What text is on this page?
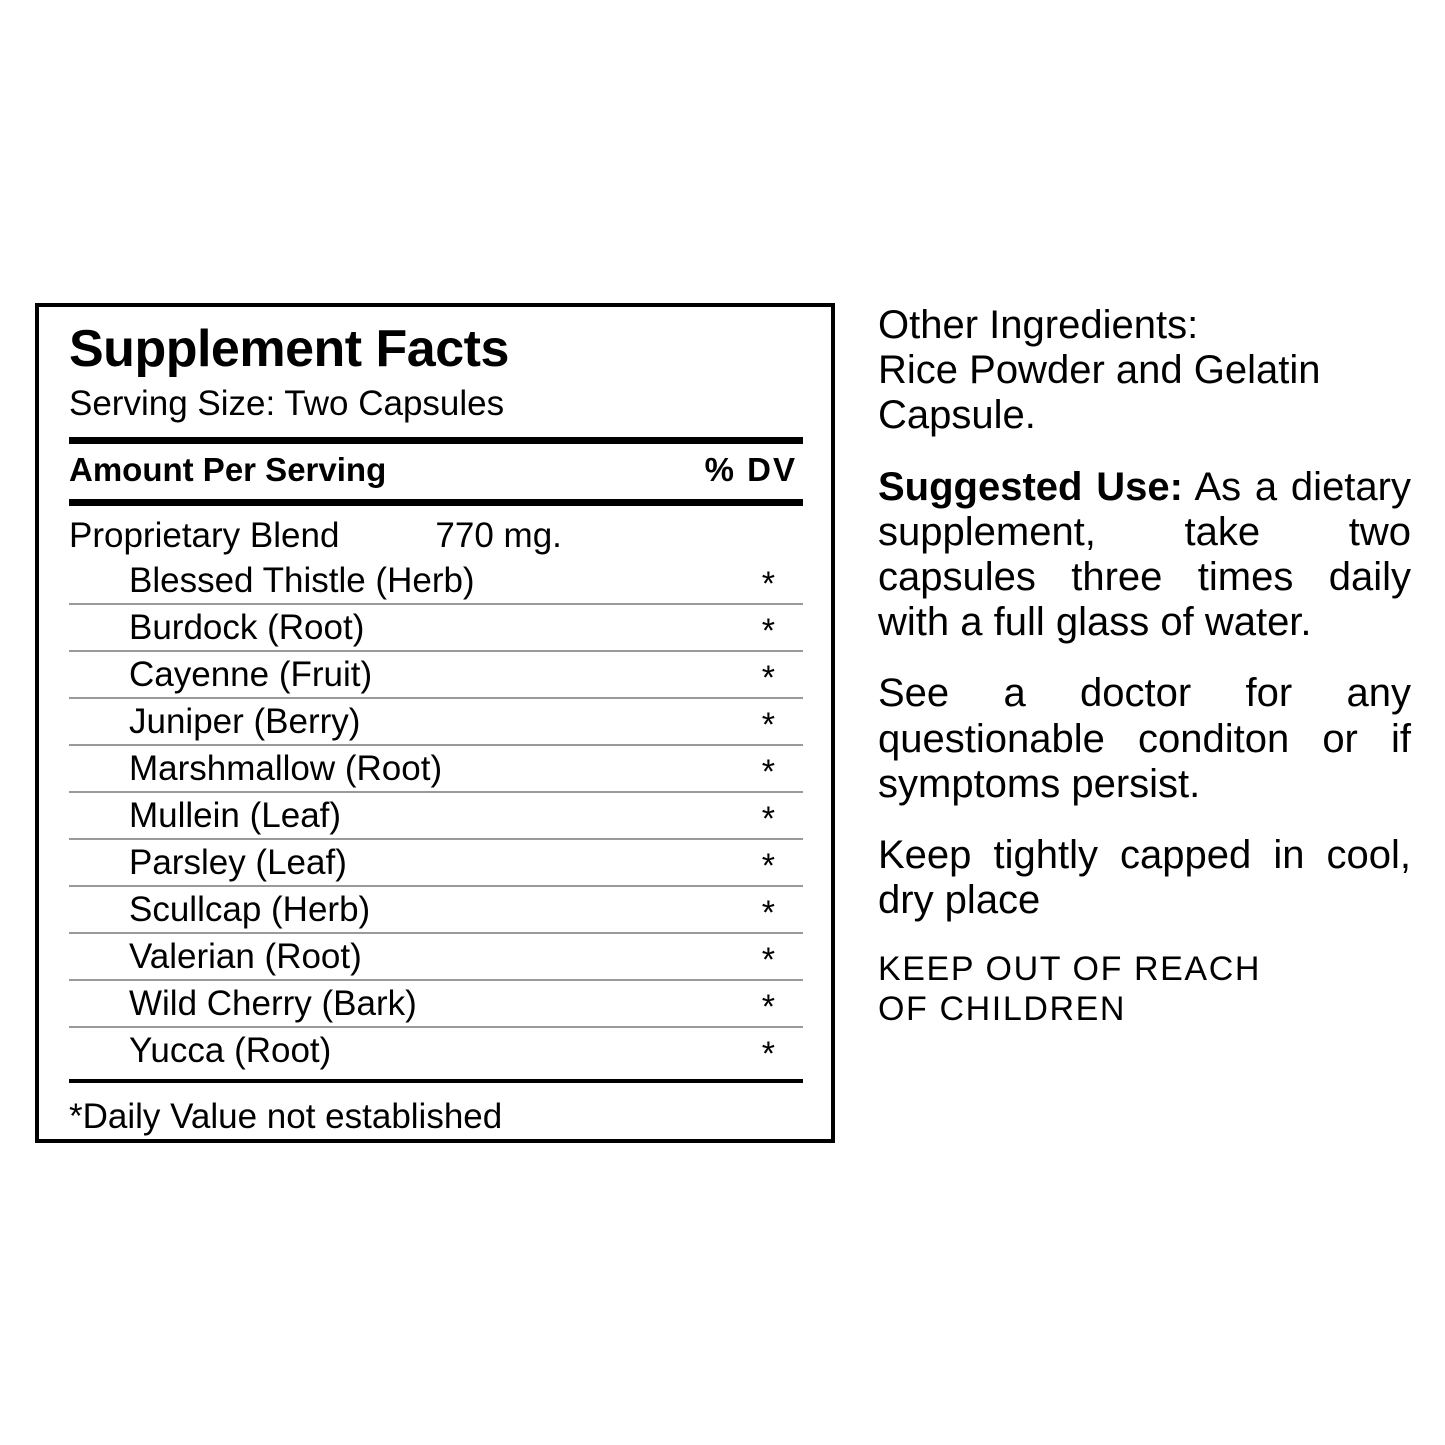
Supplement Facts
Serving Size: Two Capsules
Amount Per Serving	% DV
Proprietary Blend	770 mg.
Blessed Thistle (Herb)	*
Burdock (Root)	*
Cayenne (Fruit)	*
Juniper (Berry)	*
Marshmallow (Root)	*
Mullein (Leaf)	*
Parsley (Leaf)	*
Scullcap (Herb)	*
Valerian (Root)	*
Wild Cherry (Bark)	*
Yucca (Root)	*
*Daily Value not established

Other Ingredients:

Rice Powder and Gelatin Capsule.

Suggested Use: As a dietary supplement, take two capsules three times daily with a full glass of water.

See a doctor for any questionable conditon or if symptoms persist.

Keep tightly capped in cool, dry place

KEEP OUT OF REACH

OF CHILDREN
